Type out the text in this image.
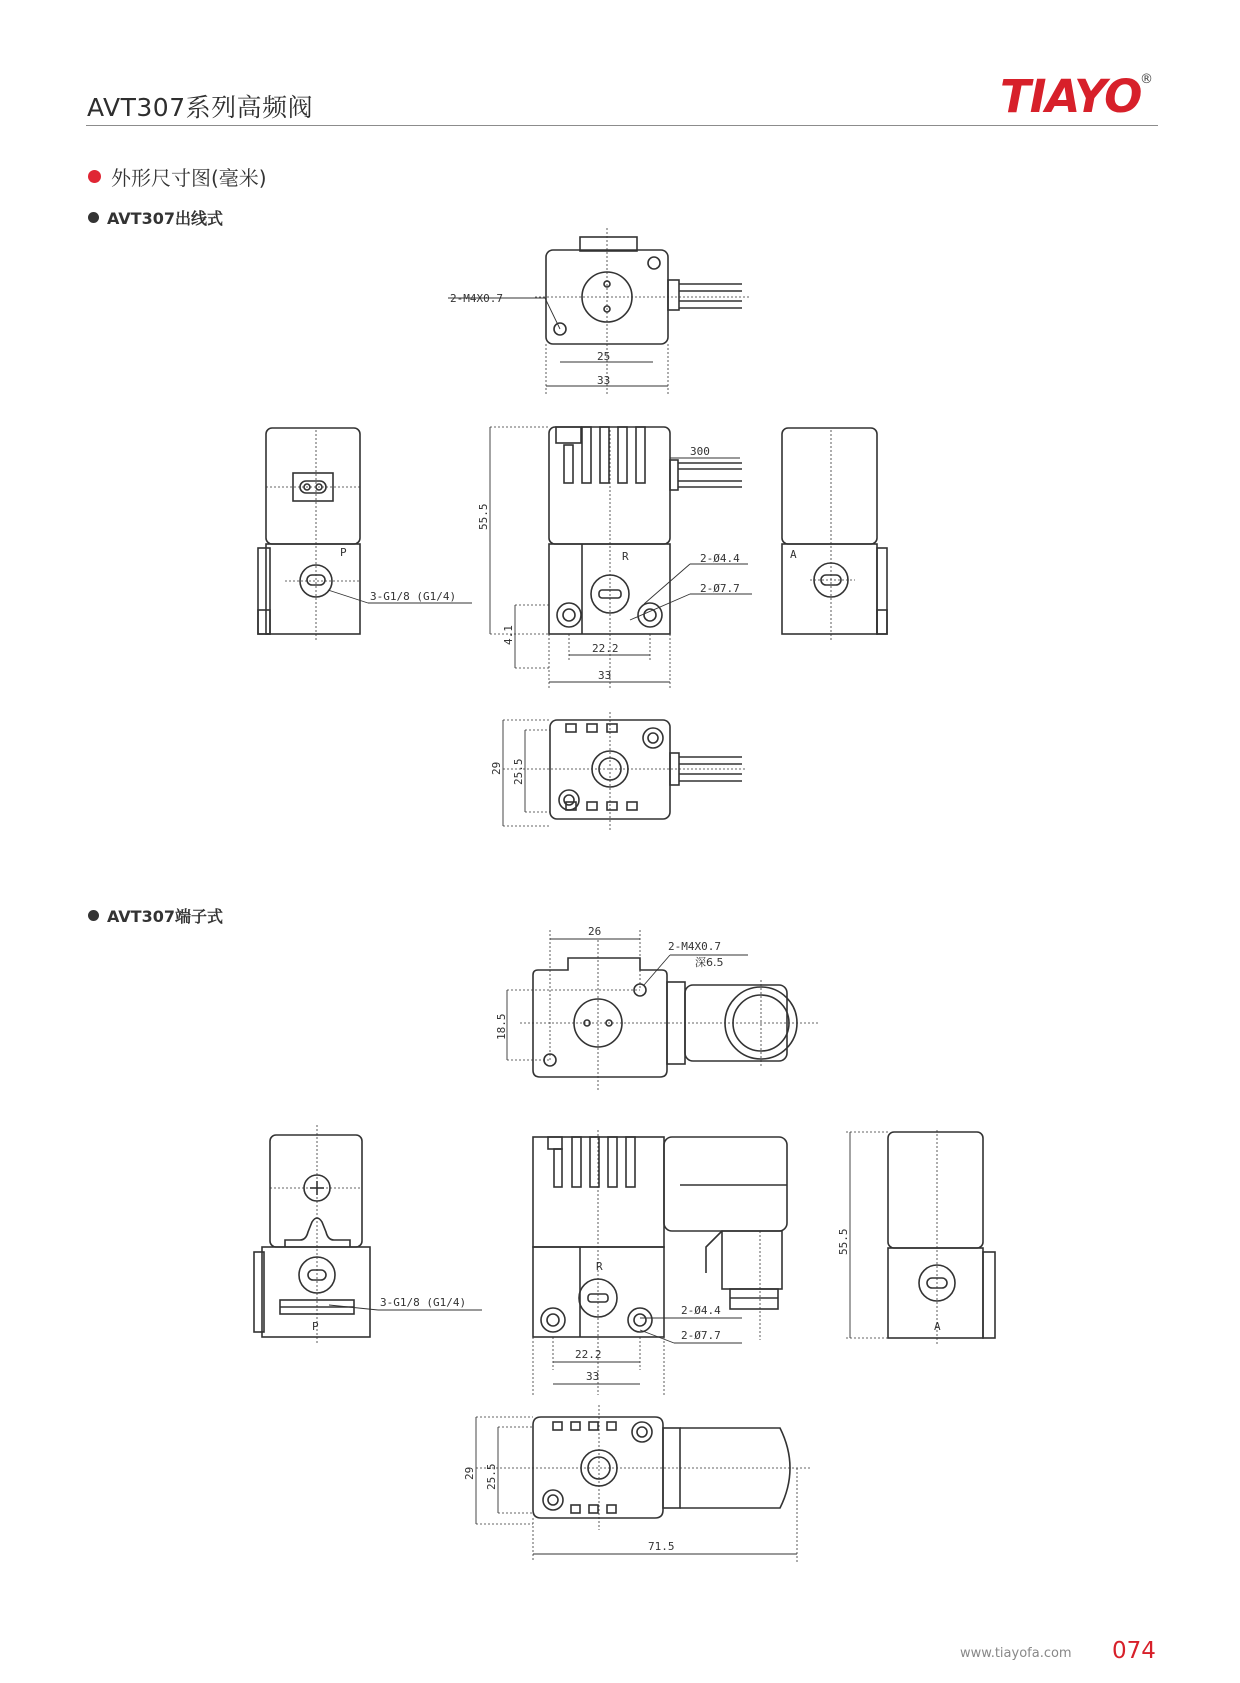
AVT307系列高频阀	TIAYO
®
外形尺寸图(毫米)
AVT307出线式
AVT307端子式
2-M4X0.7
25
33
300
55.5
R	2-Ø4.4
2-Ø7.7
3-G1/8 (G1/4)
P	A
4.1
22.2
33
29 25.5
26
2-M4X0.7
深6.5
18.5
R
2-Ø4.4
2-Ø7.7
3-G1/8 (G1/4)
P	A
22.2
33
55.5
29 25.5
71.5
www.tiayofa.com 074
